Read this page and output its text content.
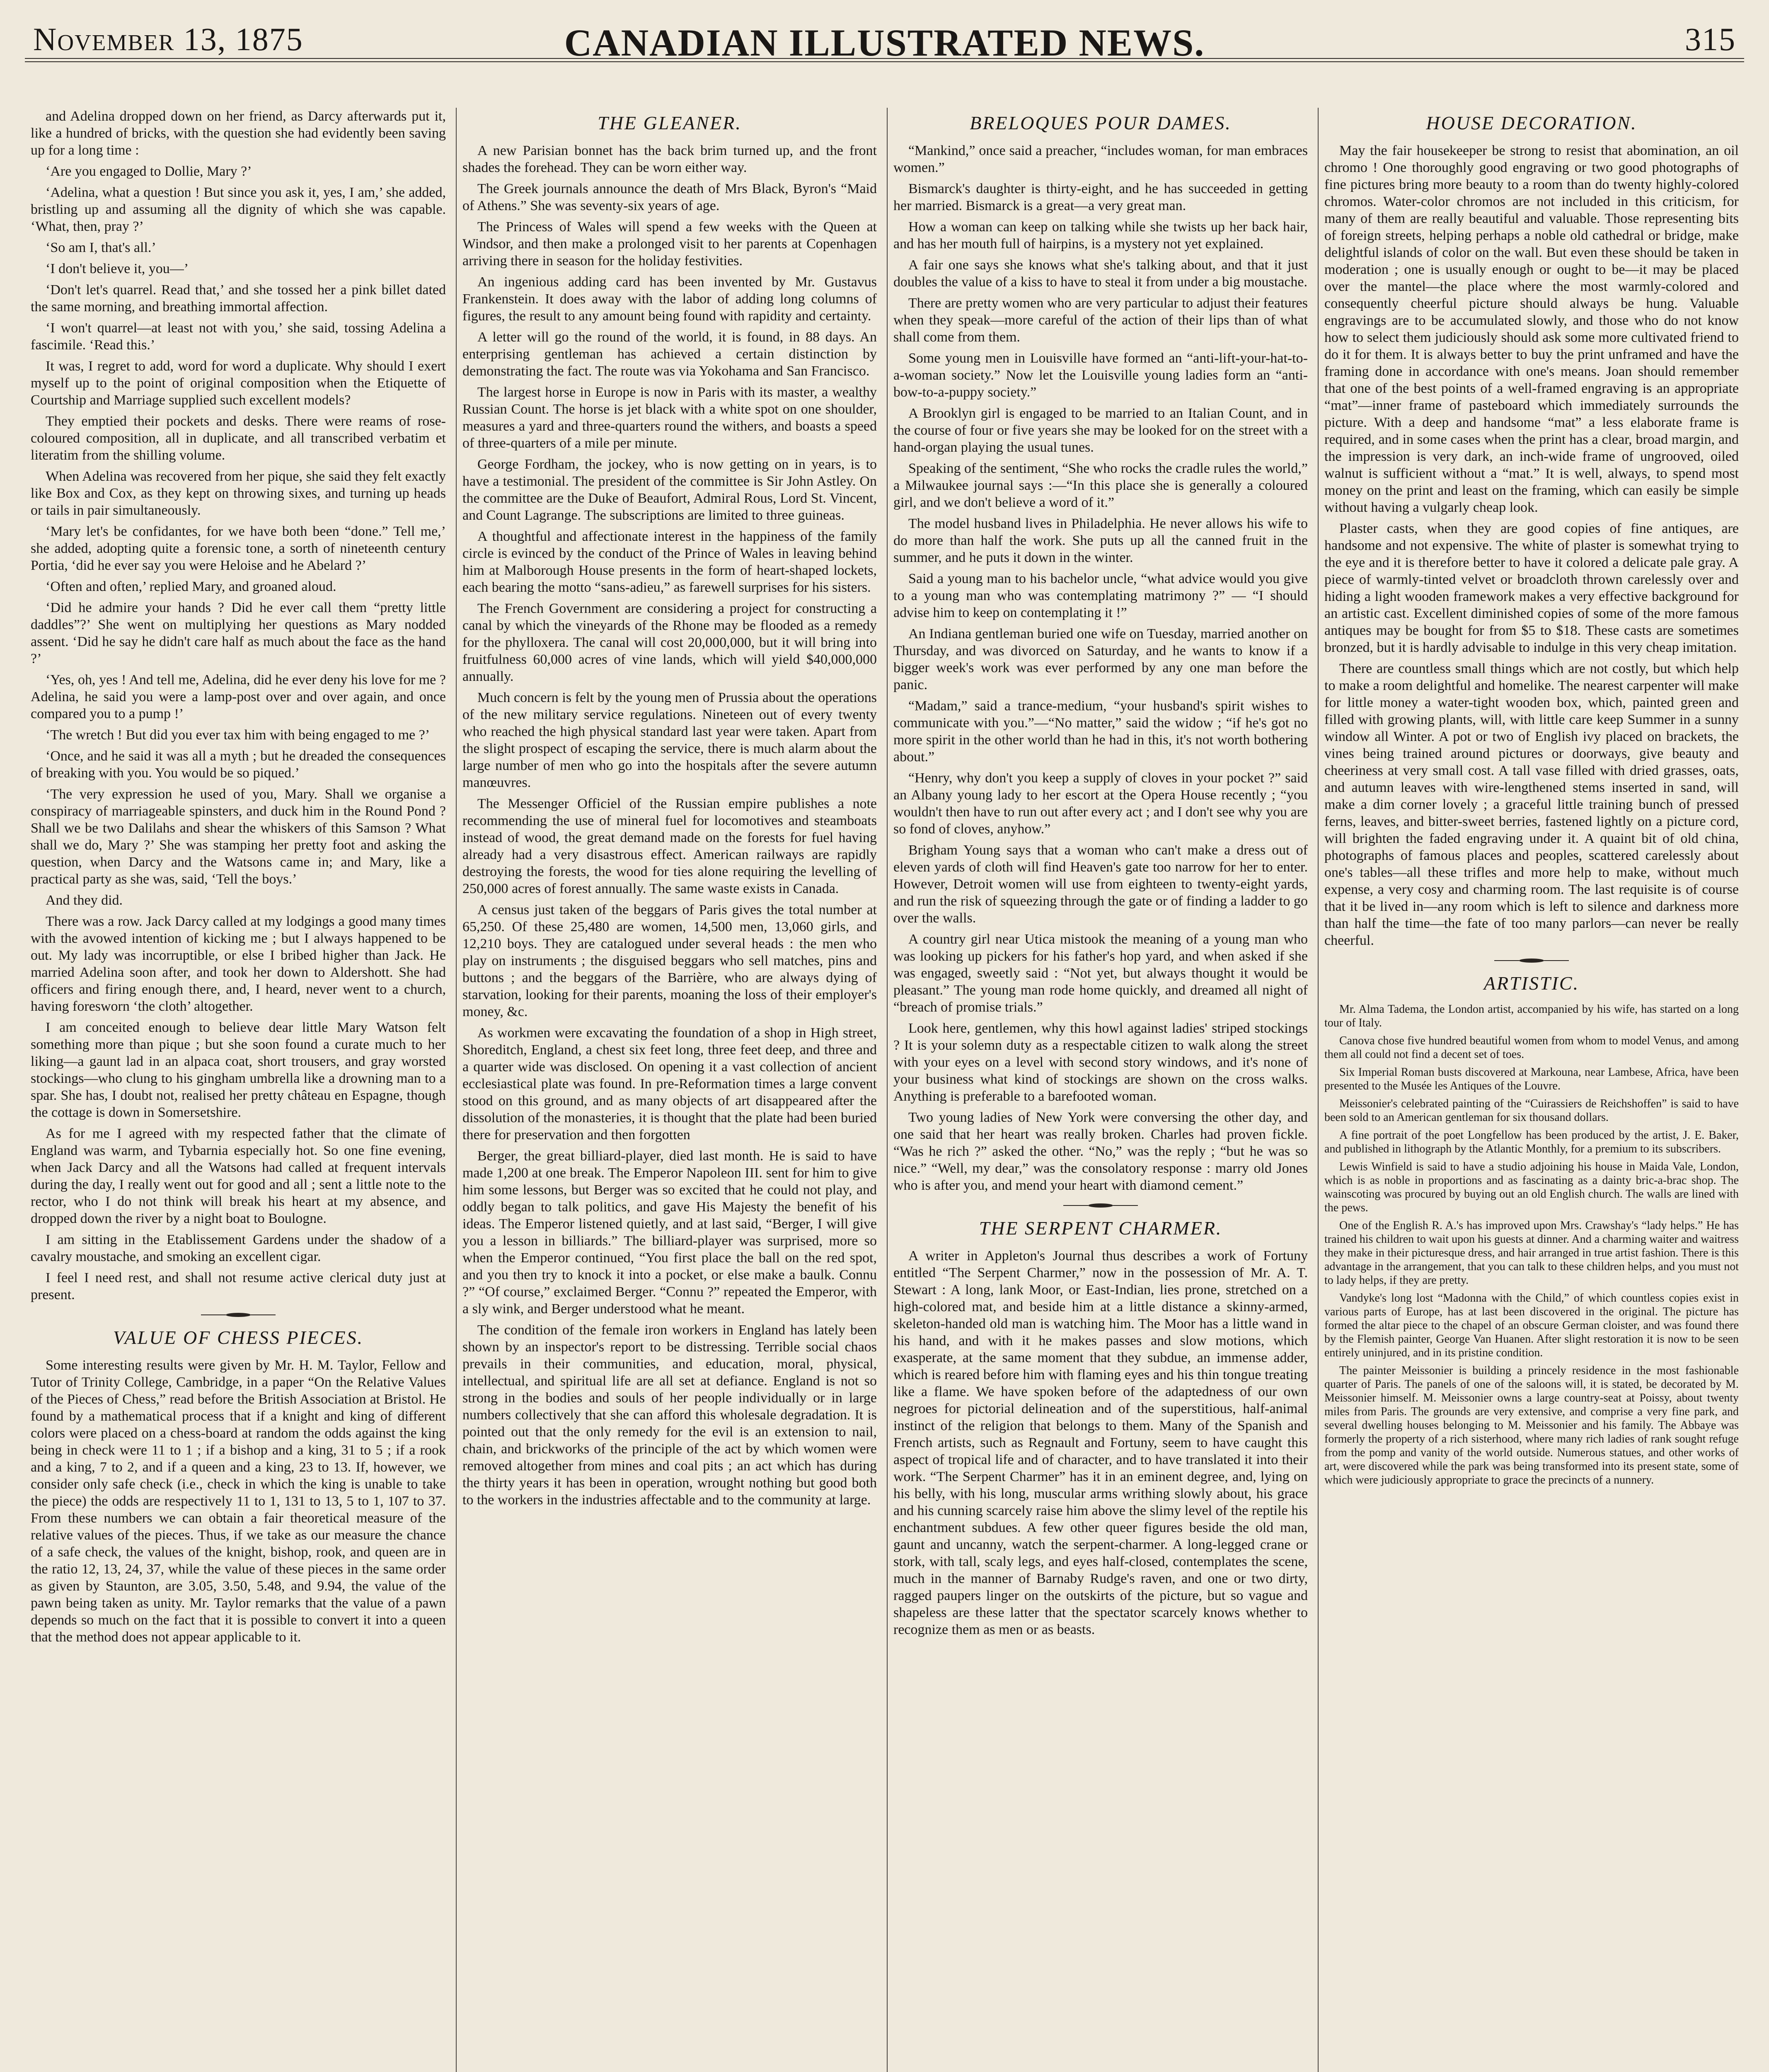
November 13, 1875	CANADIAN ILLUSTRATED NEWS.	315

and Adelina dropped down on her friend, as Darcy afterwards put it, like a hundred of bricks, with the question she had evidently been saving up for a long time :

‘Are you engaged to Dollie, Mary ?’

‘Adelina, what a question ! But since you ask it, yes, I am,’ she added, bristling up and assuming all the dignity of which she was capable. ‘What, then, pray ?’

‘So am I, that's all.’

‘I don't believe it, you—’

‘Don't let's quarrel. Read that,’ and she tossed her a pink billet dated the same morning, and breathing immortal affection.

‘I won't quarrel—at least not with you,’ she said, tossing Adelina a fascimile. ‘Read this.’

It was, I regret to add, word for word a duplicate. Why should I exert myself up to the point of original composition when the Etiquette of Courtship and Marriage supplied such excellent models?

They emptied their pockets and desks. There were reams of rose-coloured composition, all in duplicate, and all transcribed verbatim et literatim from the shilling volume.

When Adelina was recovered from her pique, she said they felt exactly like Box and Cox, as they kept on throwing sixes, and turning up heads or tails in pair simultaneously.

‘Mary let's be confidantes, for we have both been “done.” Tell me,’ she added, adopting quite a forensic tone, a sorth of nineteenth century Portia, ‘did he ever say you were Heloise and he Abelard ?’

‘Often and often,’ replied Mary, and groaned aloud.

‘Did he admire your hands ? Did he ever call them “pretty little daddles”?’ She went on multiplying her questions as Mary nodded assent. ‘Did he say he didn't care half as much about the face as the hand ?’

‘Yes, oh, yes ! And tell me, Adelina, did he ever deny his love for me ? Adelina, he said you were a lamp-post over and over again, and once compared you to a pump !’

‘The wretch ! But did you ever tax him with being engaged to me ?’

‘Once, and he said it was all a myth ; but he dreaded the consequences of breaking with you. You would be so piqued.’

‘The very expression he used of you, Mary. Shall we organise a conspiracy of marriageable spinsters, and duck him in the Round Pond ? Shall we be two Dalilahs and shear the whiskers of this Samson ? What shall we do, Mary ?’ She was stamping her pretty foot and asking the question, when Darcy and the Watsons came in; and Mary, like a practical party as she was, said, ‘Tell the boys.’

And they did.

There was a row. Jack Darcy called at my lodgings a good many times with the avowed intention of kicking me ; but I always happened to be out. My lady was incorruptible, or else I bribed higher than Jack. He married Adelina soon after, and took her down to Aldershott. She had officers and firing enough there, and, I heard, never went to a church, having foresworn ‘the cloth’ altogether.

I am conceited enough to believe dear little Mary Watson felt something more than pique ; but she soon found a curate much to her liking—a gaunt lad in an alpaca coat, short trousers, and gray worsted stockings—who clung to his gingham umbrella like a drowning man to a spar. She has, I doubt not, realised her pretty château en Espagne, though the cottage is down in Somersetshire.

As for me I agreed with my respected father that the climate of England was warm, and Tybarnia especially hot. So one fine evening, when Jack Darcy and all the Watsons had called at frequent intervals during the day, I really went out for good and all ; sent a little note to the rector, who I do not think will break his heart at my absence, and dropped down the river by a night boat to Boulogne.

I am sitting in the Etablissement Gardens under the shadow of a cavalry moustache, and smoking an excellent cigar.

I feel I need rest, and shall not resume active clerical duty just at present.

VALUE OF CHESS PIECES.

Some interesting results were given by Mr. H. M. Taylor, Fellow and Tutor of Trinity College, Cambridge, in a paper “On the Relative Values of the Pieces of Chess,” read before the British Association at Bristol. He found by a mathematical process that if a knight and king of different colors were placed on a chess-board at random the odds against the king being in check were 11 to 1 ; if a bishop and a king, 31 to 5 ; if a rook and a king, 7 to 2, and if a queen and a king, 23 to 13. If, however, we consider only safe check (i.e., check in which the king is unable to take the piece) the odds are respectively 11 to 1, 131 to 13, 5 to 1, 107 to 37. From these numbers we can obtain a fair theoretical measure of the relative values of the pieces. Thus, if we take as our measure the chance of a safe check, the values of the knight, bishop, rook, and queen are in the ratio 12, 13, 24, 37, while the value of these pieces in the same order as given by Staunton, are 3.05, 3.50, 5.48, and 9.94, the value of the pawn being taken as unity. Mr. Taylor remarks that the value of a pawn depends so much on the fact that it is possible to convert it into a queen that the method does not appear applicable to it.

THE GLEANER.

A new Parisian bonnet has the back brim turned up, and the front shades the forehead. They can be worn either way.

The Greek journals announce the death of Mrs Black, Byron's “Maid of Athens.” She was seventy-six years of age.

The Princess of Wales will spend a few weeks with the Queen at Windsor, and then make a prolonged visit to her parents at Copenhagen arriving there in season for the holiday festivities.

An ingenious adding card has been invented by Mr. Gustavus Frankenstein. It does away with the labor of adding long columns of figures, the result to any amount being found with rapidity and certainty.

A letter will go the round of the world, it is found, in 88 days. An enterprising gentleman has achieved a certain distinction by demonstrating the fact. The route was via Yokohama and San Francisco.

The largest horse in Europe is now in Paris with its master, a wealthy Russian Count. The horse is jet black with a white spot on one shoulder, measures a yard and three-quarters round the withers, and boasts a speed of three-quarters of a mile per minute.

George Fordham, the jockey, who is now getting on in years, is to have a testimonial. The president of the committee is Sir John Astley. On the committee are the Duke of Beaufort, Admiral Rous, Lord St. Vincent, and Count Lagrange. The subscriptions are limited to three guineas.

A thoughtful and affectionate interest in the happiness of the family circle is evinced by the conduct of the Prince of Wales in leaving behind him at Malborough House presents in the form of heart-shaped lockets, each bearing the motto “sans-adieu,” as farewell surprises for his sisters.

The French Government are considering a project for constructing a canal by which the vineyards of the Rhone may be flooded as a remedy for the phylloxera. The canal will cost 20,000,000, but it will bring into fruitfulness 60,000 acres of vine lands, which will yield $40,000,000 annually.

Much concern is felt by the young men of Prussia about the operations of the new military service regulations. Nineteen out of every twenty who reached the high physical standard last year were taken. Apart from the slight prospect of escaping the service, there is much alarm about the large number of men who go into the hospitals after the severe autumn manœuvres.

The Messenger Officiel of the Russian empire publishes a note recommending the use of mineral fuel for locomotives and steamboats instead of wood, the great demand made on the forests for fuel having already had a very disastrous effect. American railways are rapidly destroying the forests, the wood for ties alone requiring the levelling of 250,000 acres of forest annually. The same waste exists in Canada.

A census just taken of the beggars of Paris gives the total number at 65,250. Of these 25,480 are women, 14,500 men, 13,060 girls, and 12,210 boys. They are catalogued under several heads : the men who play on instruments ; the disguised beggars who sell matches, pins and buttons ; and the beggars of the Barrière, who are always dying of starvation, looking for their parents, moaning the loss of their employer's money, &c.

As workmen were excavating the foundation of a shop in High street, Shoreditch, England, a chest six feet long, three feet deep, and three and a quarter wide was disclosed. On opening it a vast collection of ancient ecclesiastical plate was found. In pre-Reformation times a large convent stood on this ground, and as many objects of art disappeared after the dissolution of the monasteries, it is thought that the plate had been buried there for preservation and then forgotten

Berger, the great billiard-player, died last month. He is said to have made 1,200 at one break. The Emperor Napoleon III. sent for him to give him some lessons, but Berger was so excited that he could not play, and oddly began to talk politics, and gave His Majesty the benefit of his ideas. The Emperor listened quietly, and at last said, “Berger, I will give you a lesson in billiards.” The billiard-player was surprised, more so when the Emperor continued, “You first place the ball on the red spot, and you then try to knock it into a pocket, or else make a baulk. Connu ?” “Of course,” exclaimed Berger. “Connu ?” repeated the Emperor, with a sly wink, and Berger understood what he meant.

The condition of the female iron workers in England has lately been shown by an inspector's report to be distressing. Terrible social chaos prevails in their communities, and education, moral, physical, intellectual, and spiritual life are all set at defiance. England is not so strong in the bodies and souls of her people individually or in large numbers collectively that she can afford this wholesale degradation. It is pointed out that the only remedy for the evil is an extension to nail, chain, and brickworks of the principle of the act by which women were removed altogether from mines and coal pits ; an act which has during the thirty years it has been in operation, wrought nothing but good both to the workers in the industries affectable and to the community at large.

BRELOQUES POUR DAMES.

“Mankind,” once said a preacher, “includes woman, for man embraces women.”

Bismarck's daughter is thirty-eight, and he has succeeded in getting her married. Bismarck is a great—a very great man.

How a woman can keep on talking while she twists up her back hair, and has her mouth full of hairpins, is a mystery not yet explained.

A fair one says she knows what she's talking about, and that it just doubles the value of a kiss to have to steal it from under a big moustache.

There are pretty women who are very particular to adjust their features when they speak—more careful of the action of their lips than of what shall come from them.

Some young men in Louisville have formed an “anti-lift-your-hat-to-a-woman society.” Now let the Louisville young ladies form an “anti-bow-to-a-puppy society.”

A Brooklyn girl is engaged to be married to an Italian Count, and in the course of four or five years she may be looked for on the street with a hand-organ playing the usual tunes.

Speaking of the sentiment, “She who rocks the cradle rules the world,” a Milwaukee journal says :—“In this place she is generally a coloured girl, and we don't believe a word of it.”

The model husband lives in Philadelphia. He never allows his wife to do more than half the work. She puts up all the canned fruit in the summer, and he puts it down in the winter.

Said a young man to his bachelor uncle, “what advice would you give to a young man who was contemplating matrimony ?” — “I should advise him to keep on contemplating it !”

An Indiana gentleman buried one wife on Tuesday, married another on Thursday, and was divorced on Saturday, and he wants to know if a bigger week's work was ever performed by any one man before the panic.

“Madam,” said a trance-medium, “your husband's spirit wishes to communicate with you.”—“No matter,” said the widow ; “if he's got no more spirit in the other world than he had in this, it's not worth bothering about.”

“Henry, why don't you keep a supply of cloves in your pocket ?” said an Albany young lady to her escort at the Opera House recently ; “you wouldn't then have to run out after every act ; and I don't see why you are so fond of cloves, anyhow.”

Brigham Young says that a woman who can't make a dress out of eleven yards of cloth will find Heaven's gate too narrow for her to enter. However, Detroit women will use from eighteen to twenty-eight yards, and run the risk of squeezing through the gate or of finding a ladder to go over the walls.

A country girl near Utica mistook the meaning of a young man who was looking up pickers for his father's hop yard, and when asked if she was engaged, sweetly said : “Not yet, but always thought it would be pleasant.” The young man rode home quickly, and dreamed all night of “breach of promise trials.”

Look here, gentlemen, why this howl against ladies' striped stockings ? It is your solemn duty as a respectable citizen to walk along the street with your eyes on a level with second story windows, and it's none of your business what kind of stockings are shown on the cross walks. Anything is preferable to a barefooted woman.

Two young ladies of New York were conversing the other day, and one said that her heart was really broken. Charles had proven fickle. “Was he rich ?” asked the other. “No,” was the reply ; “but he was so nice.” “Well, my dear,” was the consolatory response : marry old Jones who is after you, and mend your heart with diamond cement.”

THE SERPENT CHARMER.

A writer in Appleton's Journal thus describes a work of Fortuny entitled “The Serpent Charmer,” now in the possession of Mr. A. T. Stewart : A long, lank Moor, or East-Indian, lies prone, stretched on a high-colored mat, and beside him at a little distance a skinny-armed, skeleton-handed old man is watching him. The Moor has a little wand in his hand, and with it he makes passes and slow motions, which exasperate, at the same moment that they subdue, an immense adder, which is reared before him with flaming eyes and his thin tongue treating like a flame. We have spoken before of the adaptedness of our own negroes for pictorial delineation and of the superstitious, half-animal instinct of the religion that belongs to them. Many of the Spanish and French artists, such as Regnault and Fortuny, seem to have caught this aspect of tropical life and of character, and to have translated it into their work. “The Serpent Charmer” has it in an eminent degree, and, lying on his belly, with his long, muscular arms writhing slowly about, his grace and his cunning scarcely raise him above the slimy level of the reptile his enchantment subdues. A few other queer figures beside the old man, gaunt and uncanny, watch the serpent-charmer. A long-legged crane or stork, with tall, scaly legs, and eyes half-closed, contemplates the scene, much in the manner of Barnaby Rudge's raven, and one or two dirty, ragged paupers linger on the outskirts of the picture, but so vague and shapeless are these latter that the spectator scarcely knows whether to recognize them as men or as beasts.

HOUSE DECORATION.

May the fair housekeeper be strong to resist that abomination, an oil chromo ! One thoroughly good engraving or two good photographs of fine pictures bring more beauty to a room than do twenty highly-colored chromos. Water-color chromos are not included in this criticism, for many of them are really beautiful and valuable. Those representing bits of foreign streets, helping perhaps a noble old cathedral or bridge, make delightful islands of color on the wall. But even these should be taken in moderation ; one is usually enough or ought to be—it may be placed over the mantel—the place where the most warmly-colored and consequently cheerful picture should always be hung. Valuable engravings are to be accumulated slowly, and those who do not know how to select them judiciously should ask some more cultivated friend to do it for them. It is always better to buy the print unframed and have the framing done in accordance with one's means. Joan should remember that one of the best points of a well-framed engraving is an appropriate “mat”—inner frame of pasteboard which immediately surrounds the picture. With a deep and handsome “mat” a less elaborate frame is required, and in some cases when the print has a clear, broad margin, and the impression is very dark, an inch-wide frame of ungrooved, oiled walnut is sufficient without a “mat.” It is well, always, to spend most money on the print and least on the framing, which can easily be simple without having a vulgarly cheap look.

Plaster casts, when they are good copies of fine antiques, are handsome and not expensive. The white of plaster is somewhat trying to the eye and it is therefore better to have it colored a delicate pale gray. A piece of warmly-tinted velvet or broadcloth thrown carelessly over and hiding a light wooden framework makes a very effective background for an artistic cast. Excellent diminished copies of some of the more famous antiques may be bought for from $5 to $18. These casts are sometimes bronzed, but it is hardly advisable to indulge in this very cheap imitation.

There are countless small things which are not costly, but which help to make a room delightful and homelike. The nearest carpenter will make for little money a water-tight wooden box, which, painted green and filled with growing plants, will, with little care keep Summer in a sunny window all Winter. A pot or two of English ivy placed on brackets, the vines being trained around pictures or doorways, give beauty and cheeriness at very small cost. A tall vase filled with dried grasses, oats, and autumn leaves with wire-lengthened stems inserted in sand, will make a dim corner lovely ; a graceful little training bunch of pressed ferns, leaves, and bitter-sweet berries, fastened lightly on a picture cord, will brighten the faded engraving under it. A quaint bit of old china, photographs of famous places and peoples, scattered carelessly about one's tables—all these trifles and more help to make, without much expense, a very cosy and charming room. The last requisite is of course that it be lived in—any room which is left to silence and darkness more than half the time—the fate of too many parlors—can never be really cheerful.

ARTISTIC.

Mr. Alma Tadema, the London artist, accompanied by his wife, has started on a long tour of Italy.

Canova chose five hundred beautiful women from whom to model Venus, and among them all could not find a decent set of toes.

Six Imperial Roman busts discovered at Markouna, near Lambese, Africa, have been presented to the Musée les Antiques of the Louvre.

Meissonier's celebrated painting of the “Cuirassiers de Reichshoffen” is said to have been sold to an American gentleman for six thousand dollars.

A fine portrait of the poet Longfellow has been produced by the artist, J. E. Baker, and published in lithograph by the Atlantic Monthly, for a premium to its subscribers.

Lewis Winfield is said to have a studio adjoining his house in Maida Vale, London, which is as noble in proportions and as fascinating as a dainty bric-a-brac shop. The wainscoting was procured by buying out an old English church. The walls are lined with the pews.

One of the English R. A.'s has improved upon Mrs. Crawshay's “lady helps.” He has trained his children to wait upon his guests at dinner. And a charming waiter and waitress they make in their picturesque dress, and hair arranged in true artist fashion. There is this advantage in the arrangement, that you can talk to these children helps, and you must not to lady helps, if they are pretty.

Vandyke's long lost “Madonna with the Child,” of which countless copies exist in various parts of Europe, has at last been discovered in the original. The picture has formed the altar piece to the chapel of an obscure German cloister, and was found there by the Flemish painter, George Van Huanen. After slight restoration it is now to be seen entirely uninjured, and in its pristine condition.

The painter Meissonier is building a princely residence in the most fashionable quarter of Paris. The panels of one of the saloons will, it is stated, be decorated by M. Meissonier himself. M. Meissonier owns a large country-seat at Poissy, about twenty miles from Paris. The grounds are very extensive, and comprise a very fine park, and several dwelling houses belonging to M. Meissonier and his family. The Abbaye was formerly the property of a rich sisterhood, where many rich ladies of rank sought refuge from the pomp and vanity of the world outside. Numerous statues, and other works of art, were discovered while the park was being transformed into its present state, some of which were judiciously appropriate to grace the precincts of a nunnery.
